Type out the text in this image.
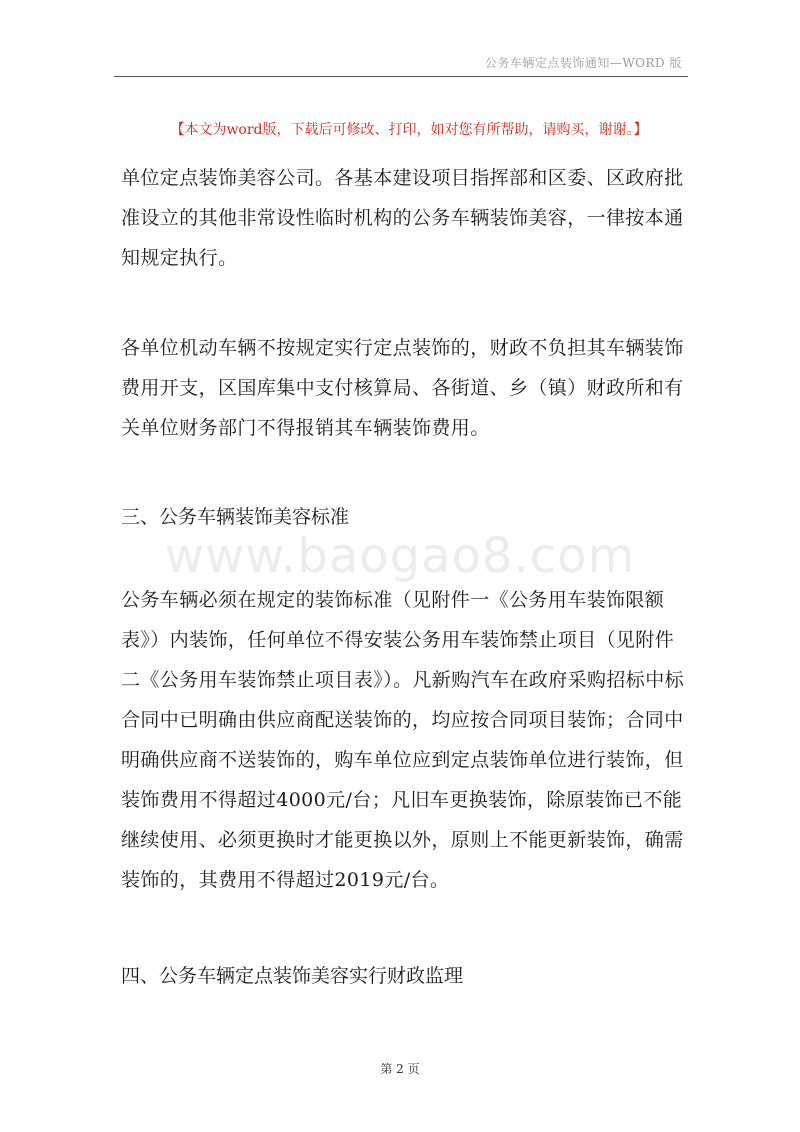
公务车辆定点装饰通知—WORD 版
【本文为word版，下载后可修改、打印，如对您有所帮助，请购买，谢谢。】

单位定点装饰美容公司。各基本建设项目指挥部和区委、区政府批准设立的其他非常设性临时机构的公务车辆装饰美容，一律按本通知规定执行。

各单位机动车辆不按规定实行定点装饰的，财政不负担其车辆装饰费用开支，区国库集中支付核算局、各街道、乡（镇）财政所和有关单位财务部门不得报销其车辆装饰费用。

三、公务车辆装饰美容标准

www.baogao8.com

公务车辆必须在规定的装饰标准（见附件一《公务用车装饰限额表》）内装饰，任何单位不得安装公务用车装饰禁止项目（见附件二《公务用车装饰禁止项目表》）。凡新购汽车在政府采购招标中标合同中已明确由供应商配送装饰的，均应按合同项目装饰；合同中明确供应商不送装饰的，购车单位应到定点装饰单位进行装饰，但装饰费用不得超过4000元/台；凡旧车更换装饰，除原装饰已不能继续使用、必须更换时才能更换以外，原则上不能更新装饰，确需装饰的，其费用不得超过2019元/台。

四、公务车辆定点装饰美容实行财政监理

第 2 页
